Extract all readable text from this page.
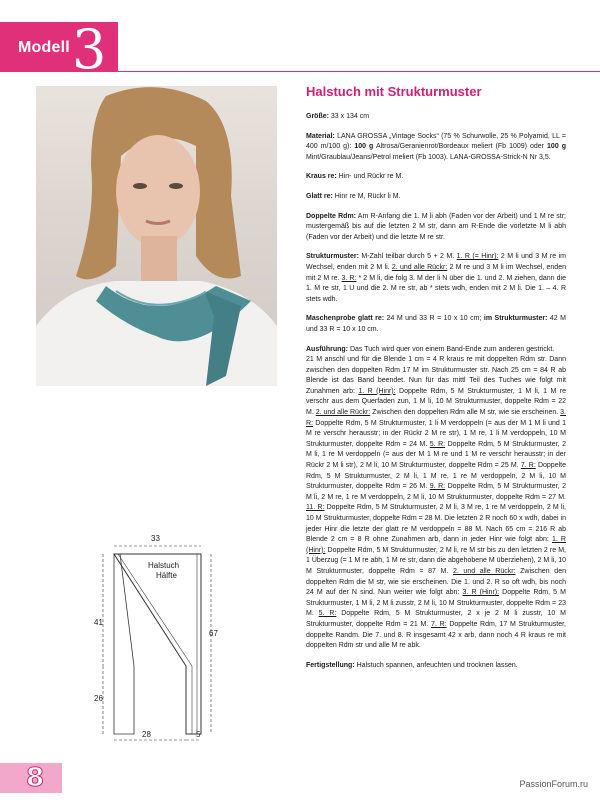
Modell 3
Halstuch mit Strukturmuster

Größe: 33 x 134 cm

Material: LANA GROSSA „Vintage Socks“ (75 % Schurwolle, 25 % Polyamid, LL = 400 m/100 g): 100 g Altrosa/Geranienrot/Bordeaux meliert (Fb 1009) oder 100 g Mint/Graublau/Jeans/Petrol meliert (Fb 1003). LANA-GROSSA-Strick-N Nr 3,5.

Kraus re: Hin- und Rückr re M.

Glatt re: Hinr re M, Rückr li M.

Doppelte Rdm: Am R-Anfang die 1. M li abh (Faden vor der Arbeit) und 1 M re str; mustergemäß bis auf die letzten 2 M str, dann am R-Ende die vorletzte M li abh (Faden vor der Arbeit) und die letzte M re str.

Strukturmuster: M-Zahl teilbar durch 5 + 2 M. 1. R (= Hinr): 2 M li und 3 M re im Wechsel, enden mit 2 M li. 2. und alle Rückr: 2 M re und 3 M li im Wechsel, enden mit 2 M re. 3. R: * 2 M li, die folg 3. M der li N über die 1. und 2. M ziehen, dann die 1. M re str, 1 U und die 2. M re str, ab * stets wdh, enden mit 2 M li. Die 1. – 4. R stets wdh.

Maschenprobe glatt re: 24 M und 33 R = 10 x 10 cm; im Strukturmuster: 42 M und 33 R = 10 x 10 cm.

Ausführung: Das Tuch wird quer von einem Band-Ende zum anderen gestrickt.

21 M anschl und für die Blende 1 cm = 4 R kraus re mit doppelten Rdm str. Dann zwischen den doppelten Rdm 17 M im Strukturmuster str. Nach 25 cm = 84 R ab Blende ist das Band beendet. Nun für das mittl Teil des Tuches wie folgt mit Zunahmen arb: 1. R (Hinr): Doppelte Rdm, 5 M Strukturmuster, 1 M li, 1 M re verschr aus dem Querfaden zun, 1 M li, 10 M Strukturmuster, doppelte Rdm = 22 M. 2. und alle Rückr: Zwischen den doppelten Rdm alle M str, wie sie erscheinen. 3. R: Doppelte Rdm, 5 M Strukturmuster, 1 li M verdoppeln (= aus der M 1 M li und 1 M re verschr herausstr; in der Rückr 2 M re str), 1 M re, 1 li M verdoppeln, 10 M Strukturmuster, doppelte Rdm = 24 M. 5. R: Doppelte Rdm, 5 M Strukturmuster, 2 M li, 1 re M verdoppeln (= aus der M 1 M re und 1 M re verschr herausstr; in der Rückr 2 M li str), 2 M li, 10 M Strukturmuster, doppelte Rdm = 25 M. 7. R: Doppelte Rdm, 5 M Strukturmuster, 2 M li, 1 M re, 1 re M verdoppeln, 2 M li, 10 M Strukturmuster, doppelte Rdm = 26 M. 9. R: Doppelte Rdm, 5 M Strukturmuster, 2 M li, 2 M re, 1 re M verdoppeln, 2 M li, 10 M Strukturmuster, doppelte Rdm = 27 M. 11. R: Doppelte Rdm, 5 M Strukturmuster, 2 M li, 3 M re, 1 re M verdoppeln, 2 M li, 10 M Strukturmuster, doppelte Rdm = 28 M. Die letzten 2 R noch 60 x wdh, dabei in jeder Hinr die letzte der glatt re M verdoppeln = 88 M. Nach 65 cm = 216 R ab Blende 2 cm = 8 R ohne Zunahmen arb, dann in jeder Hinr wie folgt abn: 1. R (Hinr): Doppelte Rdm, 5 M Strukturmuster, 2 M li, re M str bis zu den letzten 2 re M, 1 Überzug (= 1 M re abh, 1 M re str, dann die abgehobene M überziehen), 2 M li, 10 M Strukturmuster, doppelte Rdm = 87 M. 2. und alle Rückr: Zwischen den doppelten Rdm die M str, wie sie erscheinen. Die 1. und 2. R so oft wdh, bis noch 24 M auf der N sind. Nun weiter wie folgt abn: 3. R (Hinr): Doppelte Rdm, 5 M Strukturmuster, 1 M li, 2 M li zusstr, 2 M li, 10 M Strukturmuster, doppelte Rdm = 23 M. 5. R: Doppelte Rdm, 5 M Strukturmuster, 2 x je 2 M li zusstr, 10 M Strukturmuster, doppelte Rdm = 21 M. 7. R: Doppelte Rdm, 17 M Strukturmuster, doppelte Randm. Die 7. und 8. R insgesamt 42 x arb, dann noch 4 R kraus re mit doppelten Rdm str und alle M re abk.

Fertigstellung: Halstuch spannen, anfeuchten und trocknen lassen.

33
Halstuch
Hälfte
41
67
26
28	5
8	PassionForum.ru
